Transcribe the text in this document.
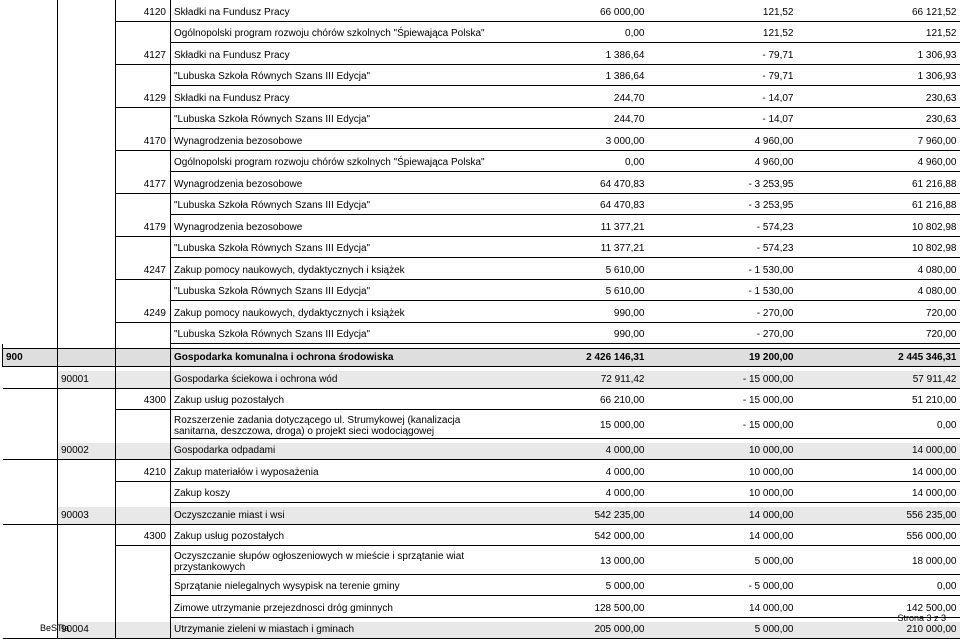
		4120	Składki na Fundusz Pracy	66 000,00	121,52	66 121,52

			Ogólnopolski program rozwoju chórów szkolnych "Śpiewająca Polska"	0,00	121,52	121,52

		4127	Składki na Fundusz Pracy	1 386,64	- 79,71	1 306,93

			"Lubuska Szkoła Równych Szans III Edycja"	1 386,64	- 79,71	1 306,93

		4129	Składki na Fundusz Pracy	244,70	- 14,07	230,63

			"Lubuska Szkoła Równych Szans III Edycja"	244,70	- 14,07	230,63

		4170	Wynagrodzenia bezosobowe	3 000,00	4 960,00	7 960,00

			Ogólnopolski program rozwoju chórów szkolnych "Śpiewająca Polska"	0,00	4 960,00	4 960,00

		4177	Wynagrodzenia bezosobowe	64 470,83	- 3 253,95	61 216,88

			"Lubuska Szkoła Równych Szans III Edycja"	64 470,83	- 3 253,95	61 216,88

		4179	Wynagrodzenia bezosobowe	11 377,21	- 574,23	10 802,98

			"Lubuska Szkoła Równych Szans III Edycja"	11 377,21	- 574,23	10 802,98

		4247	Zakup pomocy naukowych, dydaktycznych i książek	5 610,00	- 1 530,00	4 080,00

			"Lubuska Szkoła Równych Szans III Edycja"	5 610,00	- 1 530,00	4 080,00

		4249	Zakup pomocy naukowych, dydaktycznych i książek	990,00	- 270,00	720,00

			"Lubuska Szkoła Równych Szans III Edycja"	990,00	- 270,00	720,00

900			Gospodarka komunalna i ochrona środowiska	2 426 146,31	19 200,00	2 445 346,31

	90001		Gospodarka ściekowa i ochrona wód	72 911,42	- 15 000,00	57 911,42

		4300	Zakup usług pozostałych	66 210,00	- 15 000,00	51 210,00

			Rozszerzenie zadania dotyczącego ul. Strumykowej (kanalizacja sanitarna, deszczowa, droga) o projekt sieci wodociągowej	15 000,00	- 15 000,00	0,00

	90002		Gospodarka odpadami	4 000,00	10 000,00	14 000,00

		4210	Zakup materiałów i wyposażenia	4 000,00	10 000,00	14 000,00

			Zakup koszy	4 000,00	10 000,00	14 000,00

	90003		Oczyszczanie miast i wsi	542 235,00	14 000,00	556 235,00

		4300	Zakup usług pozostałych	542 000,00	14 000,00	556 000,00

			Oczyszczanie słupów ogłoszeniowych w mieście i sprzątanie wiat przystankowych	13 000,00	5 000,00	18 000,00

			Sprzątanie nielegalnych wysypisk na terenie gminy	5 000,00	- 5 000,00	0,00

			Zimowe utrzymanie przejezdnosci dróg gminnych	128 500,00	14 000,00	142 500,00

	90004		Utrzymanie zieleni w miastach i gminach	205 000,00	5 000,00	210 000,00
BeSTia
Strona 3 z 3
